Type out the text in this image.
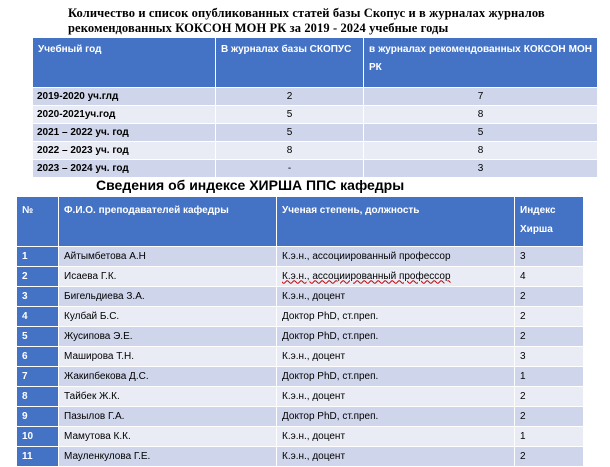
Количество и список опубликованных статей базы Скопус и в журналах журналов
рекомендованных КОКСОН МОН РК за 2019 - 2024 учебные годы
Учебный год	В журналах базы СКОПУС	в журналах рекомендованных КОКСОН МОН РК
2019-2020 уч.глд	2	7
2020-2021уч.год	5	8
2021 – 2022 уч. год	5	5
2022 – 2023 уч. год	8	8
2023 – 2024 уч. год	-	3
Сведения об индексе ХИРША ППС кафедры
№	Ф.И.О. преподавателей кафедры	Ученая степень, должность	Индекс
Хирша
1	Айтымбетова А.Н	К.э.н., ассоциированный профессор	3
2	Исаева Г.К.	К.э.н., ассоциированный профессор	4
3	Бигельдиева З.А.	К.э.н., доцент	2
4	Кулбай Б.С.	Доктор PhD, ст.преп.	2
5	Жусипова Э.Е.	Доктор PhD, ст.преп.	2
6	Маширова Т.Н.	К.э.н., доцент	3
7	Жакипбекова Д.С.	Доктор PhD, ст.преп.	1
8	Тайбек Ж.К.	К.э.н., доцент	2
9	Пазылов Г.А.	Доктор PhD, ст.преп.	2
10	Мамутова К.К.	К.э.н., доцент	1
11	Мауленкулова Г.Е.	К.э.н., доцент	2
